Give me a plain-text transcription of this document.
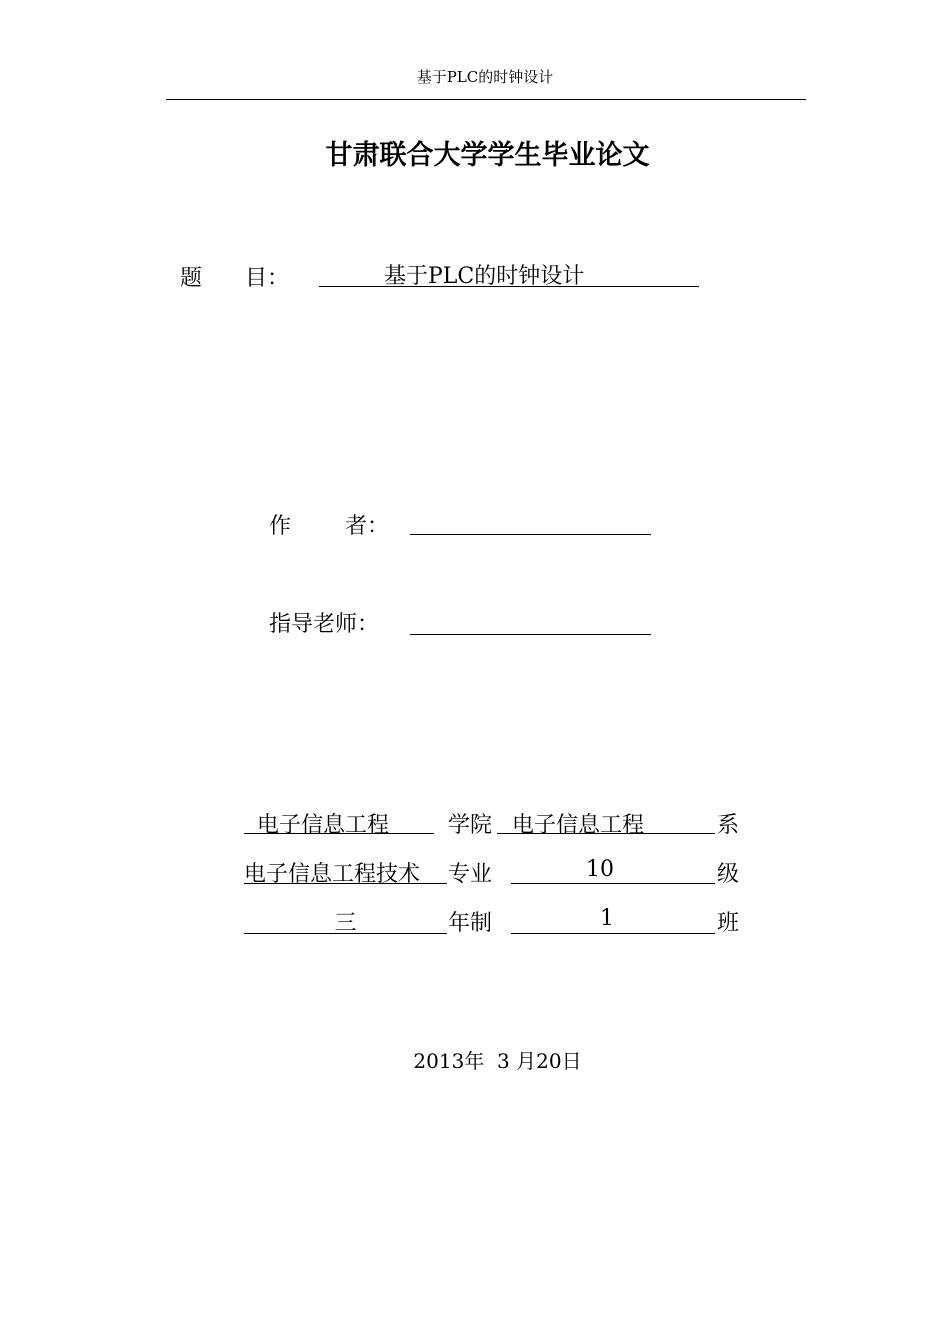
基于PLC的时钟设计
甘肃联合大学学生毕业论文
题 目：	基于PLC的时钟设计
作 者：
指导老师：
电子信息工程	学院 电子信息工程	系
电子信息工程技术 专业	10	级
三	年制	1	班
2013年  3 月20日
